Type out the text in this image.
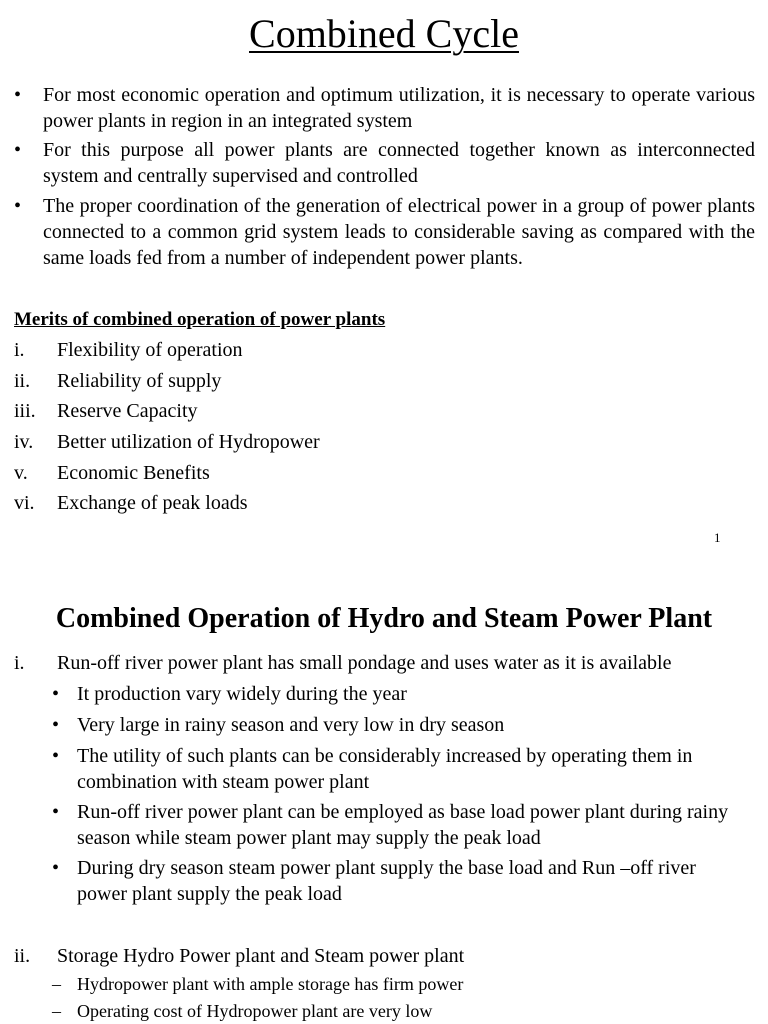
Combined Cycle
• For most economic operation and optimum utilization, it is necessary to operate various power plants in region in an integrated system
• For this purpose all power plants are connected together known as interconnected system and centrally supervised and controlled
• The proper coordination of the generation of electrical power in a group of power plants connected to a common grid system leads to considerable saving as compared with the same loads fed from a number of independent power plants.
Merits of combined operation of power plants
i. Flexibility of operation
ii. Reliability of supply
iii. Reserve Capacity
iv. Better utilization of Hydropower
v. Economic Benefits
vi. Exchange of peak loads
1
Combined Operation of Hydro and Steam Power Plant
i. Run-off river power plant has small pondage and uses water as it is available
• It production vary widely during the year
• Very large in rainy season and very low in dry season
• The utility of such plants can be considerably increased by operating them in combination with steam power plant
• Run-off river power plant can be employed as base load power plant during rainy season while steam power plant may supply the peak load
• During dry season steam power plant supply the base load and Run –off river power plant supply the peak load
ii. Storage Hydro Power plant and Steam power plant
– Hydropower plant with ample storage has firm power
– Operating cost of Hydropower plant are very low
